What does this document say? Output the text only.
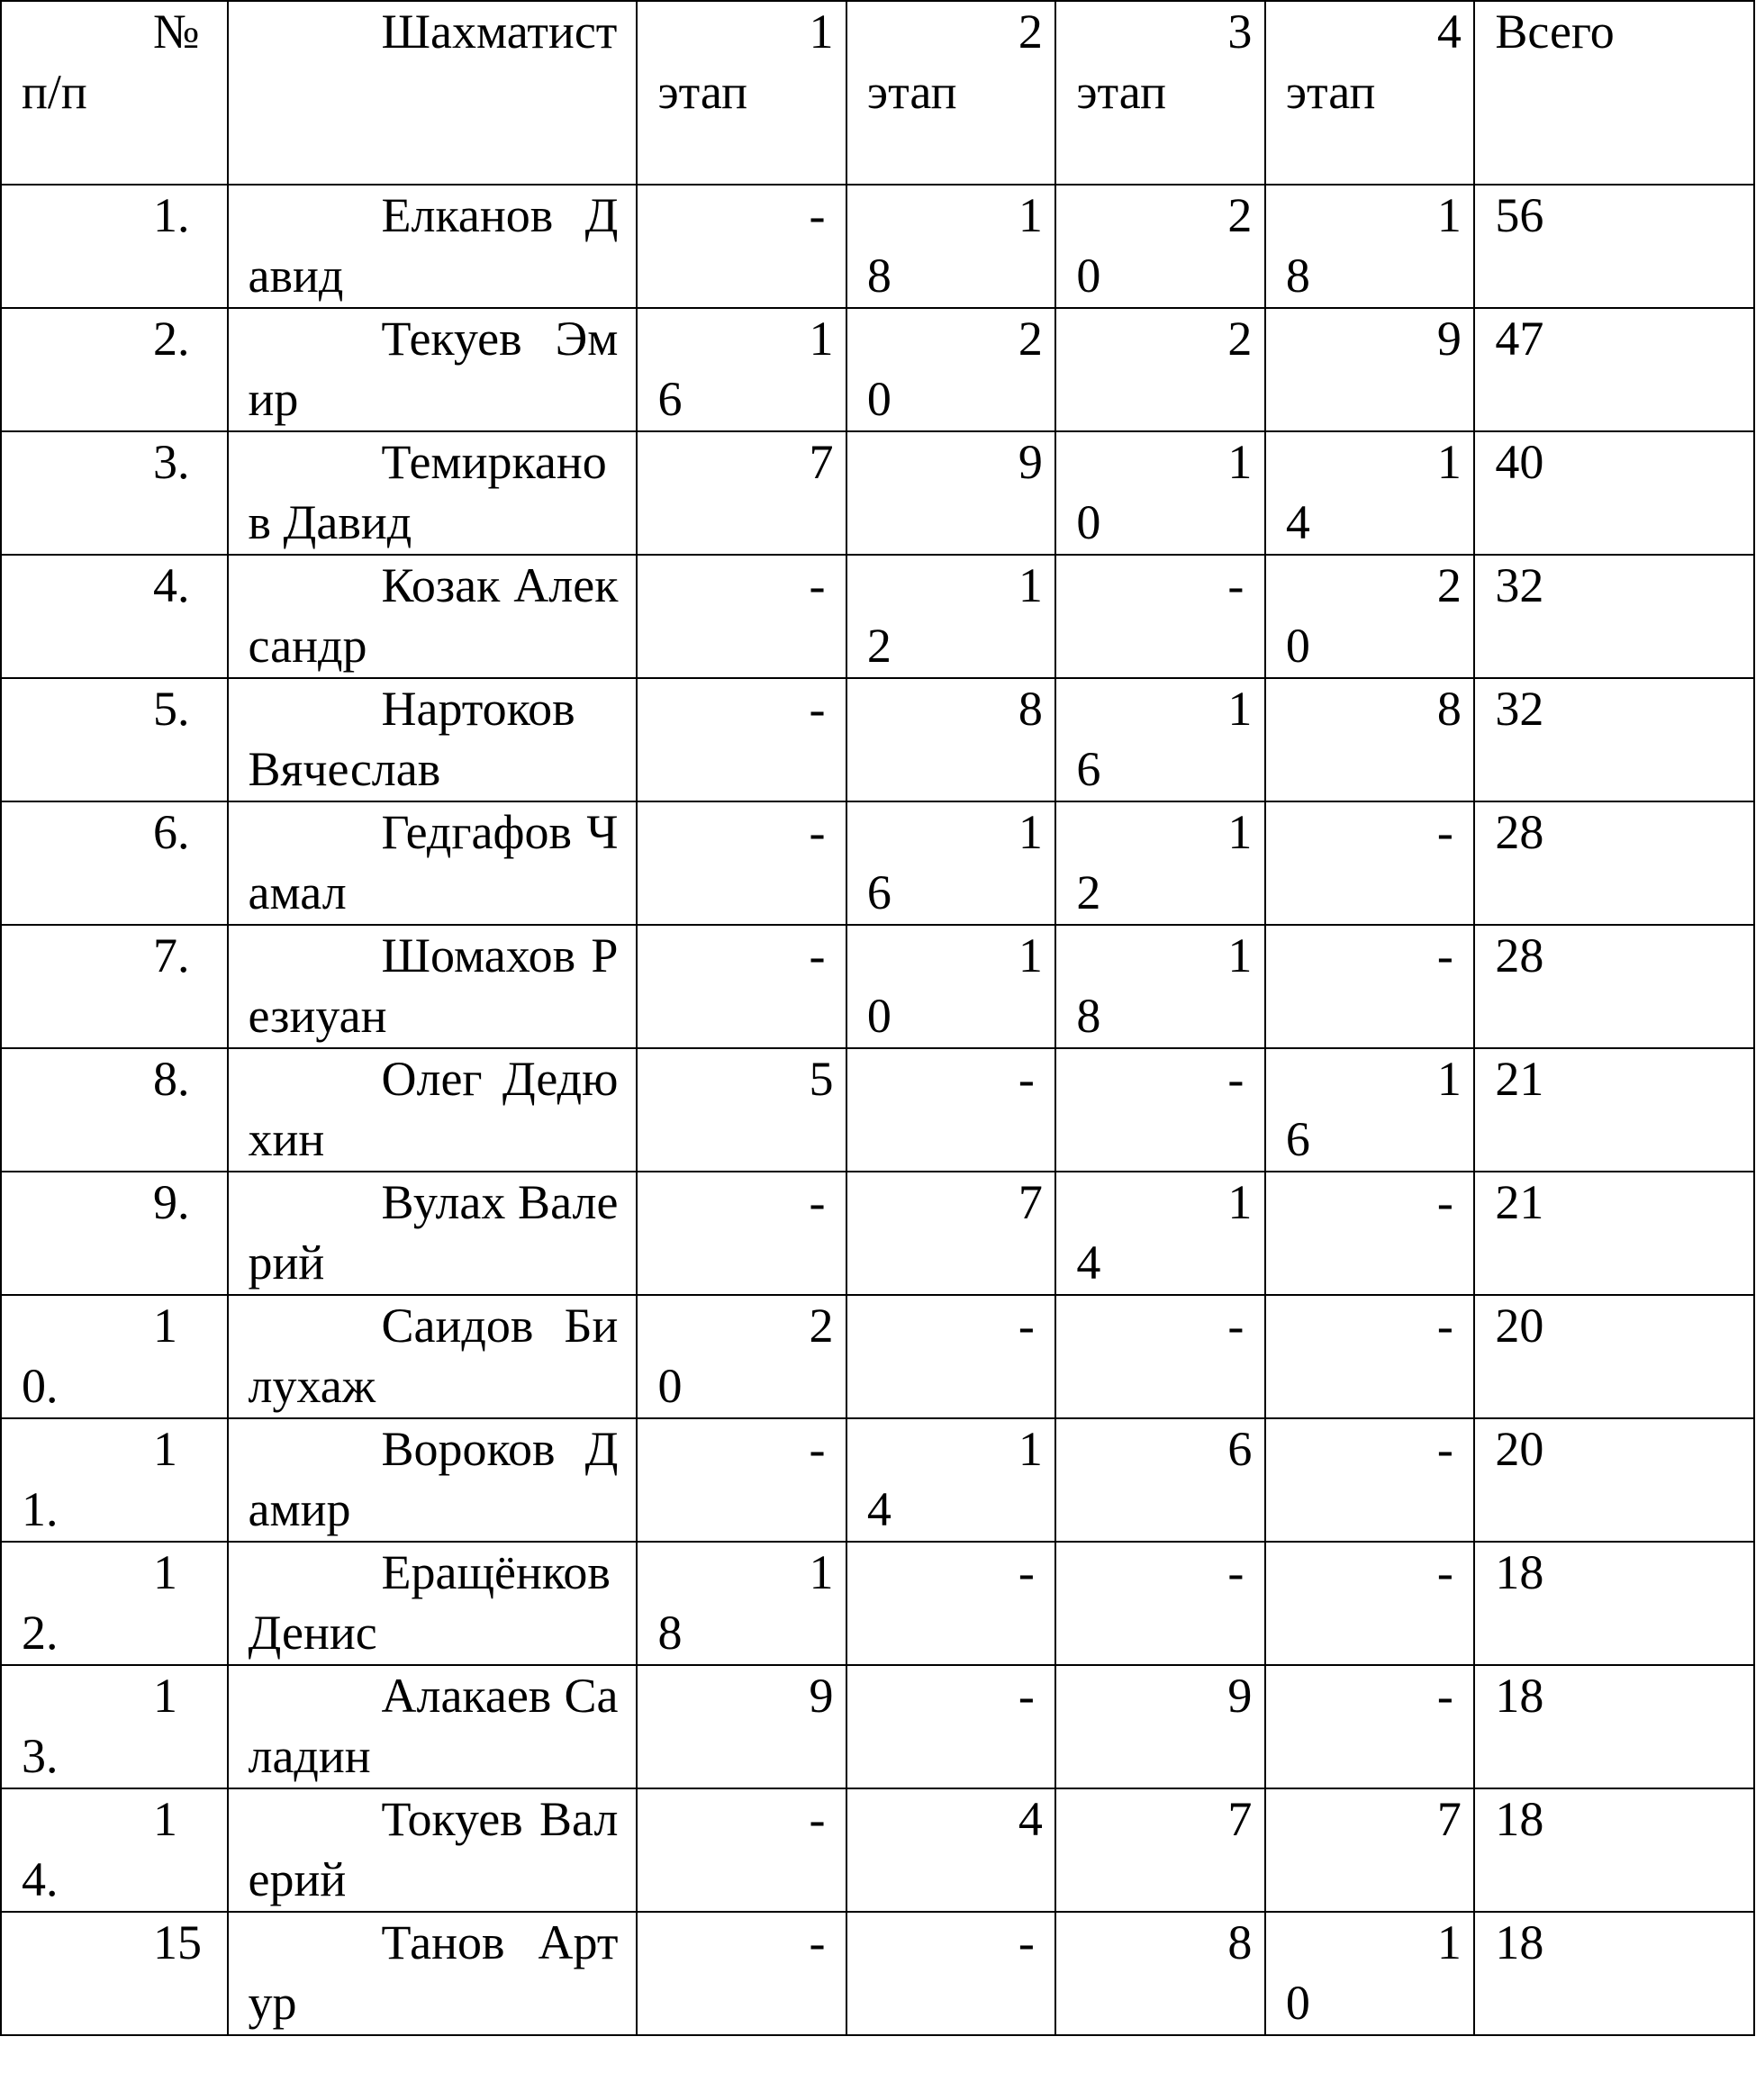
№ п/п	Шахматист	1 этап	2 этап	3 этап	4 этап	Всего

1.	Елканов Давид	-	18	20	18	56

2.	Текуев Эмир	16	20	2	9	47

3.	Темирканов Давид	7	9	10	14	40

4.	Козак Александр	-	12	-	20	32

5.	Нартоков Вячеслав	-	8	16	8	32

6.	Гедгафов Чамал	-	16	12	-	28

7.	Шомахов Резиуан	-	10	18	-	28

8.	Олег Дедюхин	5	-	-	16	21

9.	Вулах Валерий	-	7	14	-	21

10.	Саидов Билухаж	20	-	-	-	20

11.	Вороков Дамир	-	14	6	-	20

12.	Еращёнков Денис	18	-	-	-	18

13.	Алакаев Саладин	9	-	9	-	18

14.	Токуев Валерий	-	4	7	7	18

15	Танов Артур	-	-	8	10	18
